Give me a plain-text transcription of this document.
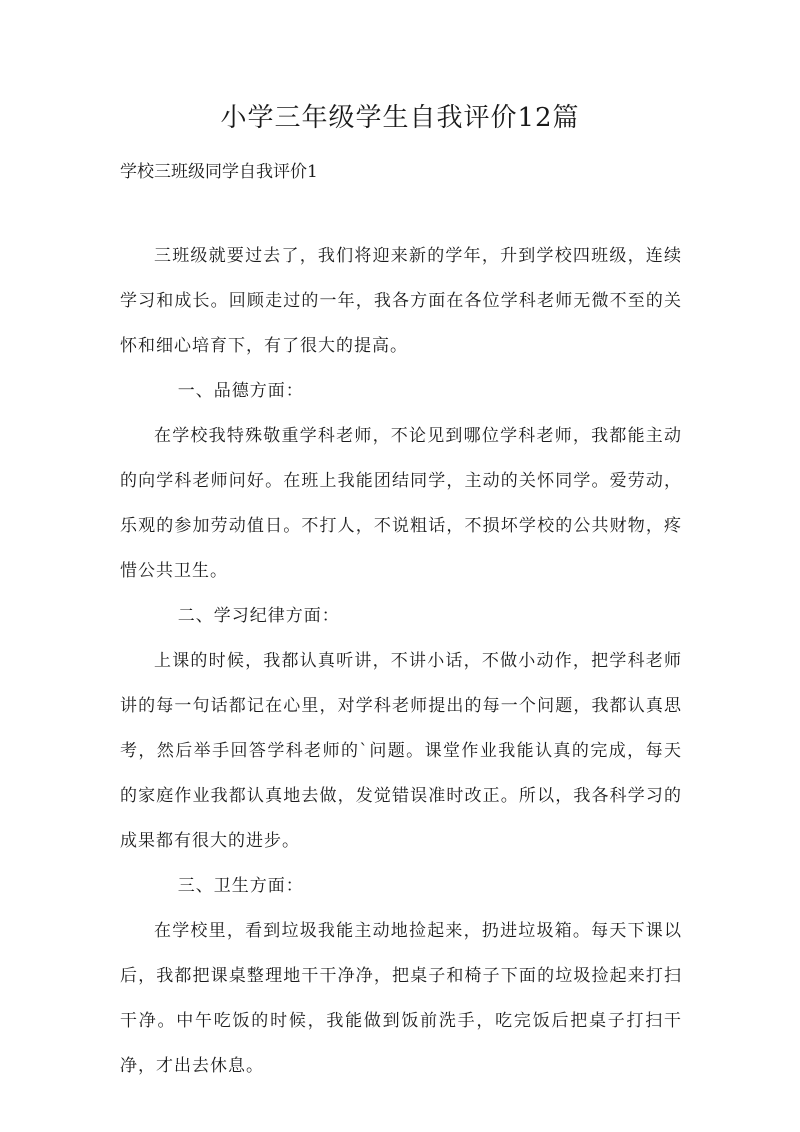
小学三年级学生自我评价12篇

学校三班级同学自我评价1

三班级就要过去了，我们将迎来新的学年，升到学校四班级，连续学习和成长。回顾走过的一年，我各方面在各位学科老师无微不至的关怀和细心培育下，有了很大的提高。

一、品德方面：

在学校我特殊敬重学科老师，不论见到哪位学科老师，我都能主动的向学科老师问好。在班上我能团结同学，主动的关怀同学。爱劳动，乐观的参加劳动值日。不打人，不说粗话，不损坏学校的公共财物，疼惜公共卫生。

二、学习纪律方面：

上课的时候，我都认真听讲，不讲小话，不做小动作，把学科老师讲的每一句话都记在心里，对学科老师提出的每一个问题，我都认真思考，然后举手回答学科老师的`问题。课堂作业我能认真的完成，每天的家庭作业我都认真地去做，发觉错误准时改正。所以，我各科学习的成果都有很大的进步。

三、卫生方面：

在学校里，看到垃圾我能主动地捡起来，扔进垃圾箱。每天下课以后，我都把课桌整理地干干净净，把桌子和椅子下面的垃圾捡起来打扫干净。中午吃饭的时候，我能做到饭前洗手，吃完饭后把桌子打扫干净，才出去休息。
